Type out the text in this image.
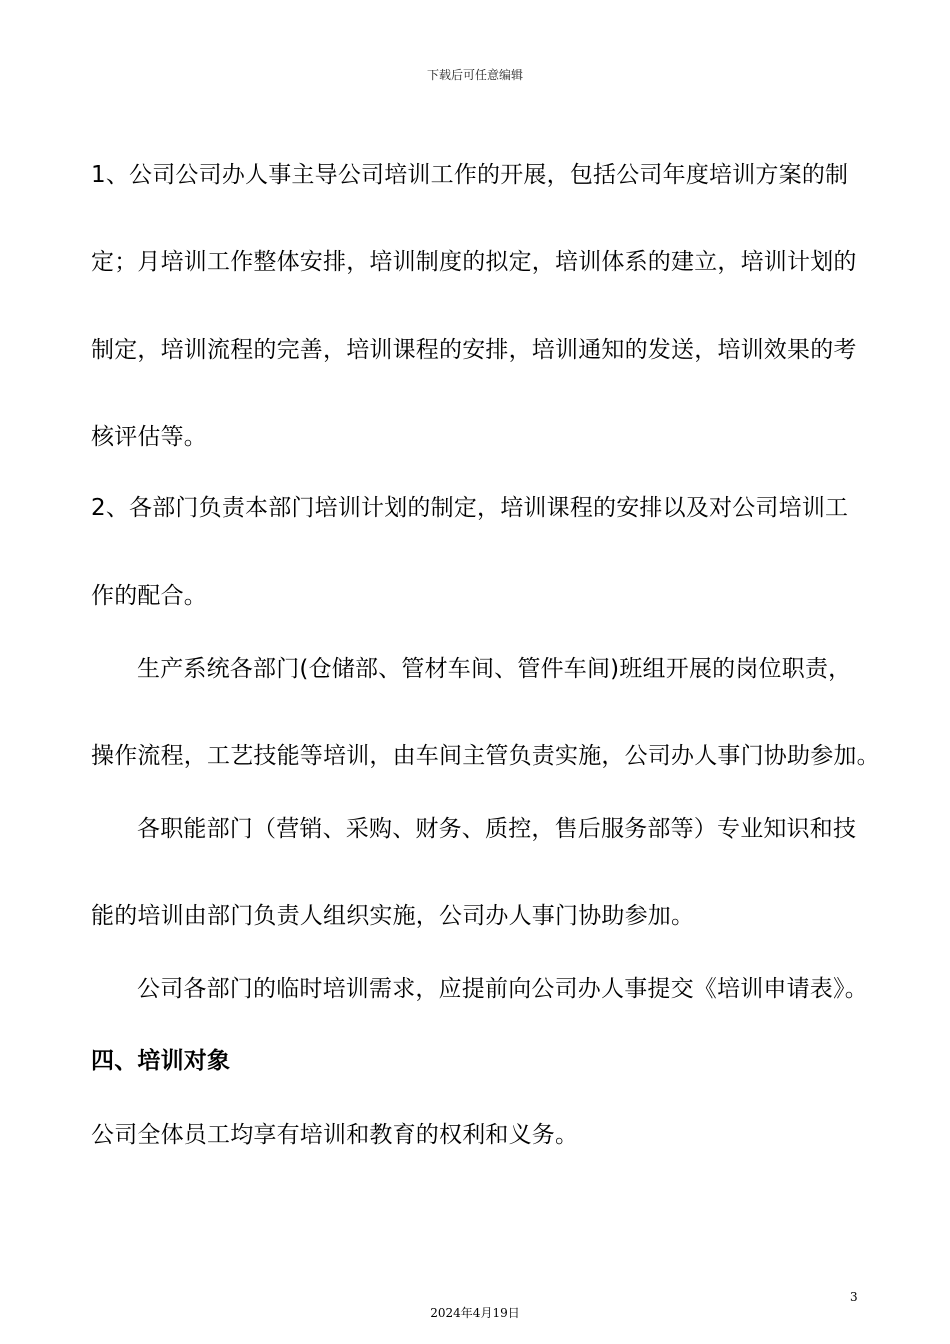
下载后可任意编辑
1、公司公司办人事主导公司培训工作的开展，包括公司年度培训方案的制
定；月培训工作整体安排，培训制度的拟定，培训体系的建立，培训计划的
制定，培训流程的完善，培训课程的安排，培训通知的发送，培训效果的考
核评估等。
2、各部门负责本部门培训计划的制定，培训课程的安排以及对公司培训工
作的配合。
生产系统各部门(仓储部、管材车间、管件车间)班组开展的岗位职责，
操作流程，工艺技能等培训，由车间主管负责实施，公司办人事门协助参加。
各职能部门（营销、采购、财务、质控，售后服务部等）专业知识和技
能的培训由部门负责人组织实施，公司办人事门协助参加。
公司各部门的临时培训需求，应提前向公司办人事提交《培训申请表》。
四、培训对象
公司全体员工均享有培训和教育的权利和义务。
3
2024年4月19日
